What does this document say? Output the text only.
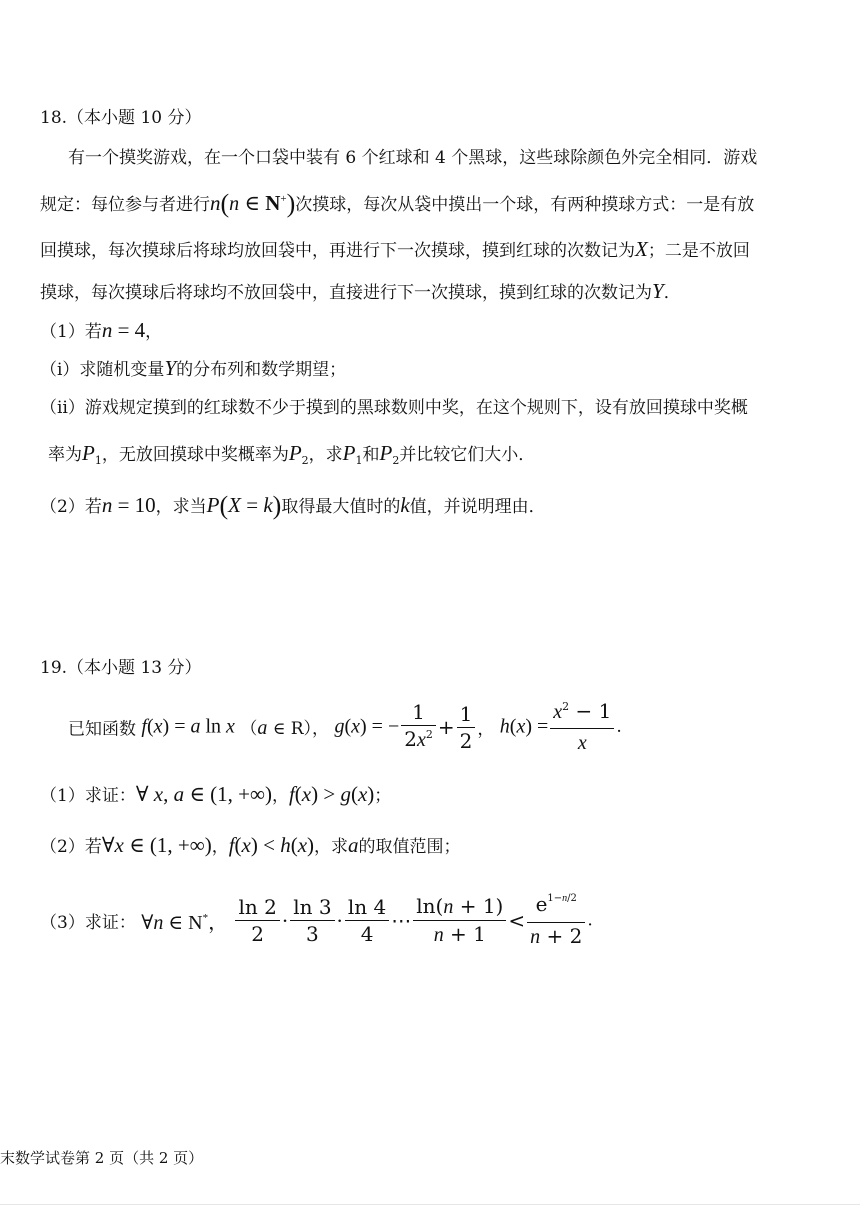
18.（本小题 10 分）
有一个摸奖游戏，在一个口袋中装有 6 个红球和 4 个黑球，这些球除颜色外完全相同．游戏
规定：每位参与者进行n(n ∈ N+)次摸球，每次从袋中摸出一个球，有两种摸球方式：一是有放
回摸球，每次摸球后将球均放回袋中，再进行下一次摸球，摸到红球的次数记为X；二是不放回
摸球，每次摸球后将球均不放回袋中，直接进行下一次摸球，摸到红球的次数记为Y．
（1）若n = 4，
（ⅰ）求随机变量Y的分布列和数学期望；
（ⅱ）游戏规定摸到的红球数不少于摸到的黑球数则中奖，在这个规则下，设有放回摸球中奖概
率为$P_1$，无放回摸球中奖概率为$P_2$，求$P_1$和$P_2$并比较它们大小．
（2）若n = 10，求当P(X = k)取得最大值时的k值，并说明理由．
19.（本小题 13 分）
已知函数 f(x) = a ln x （a ∈ R）， g(x) = − $\frac{1}{2x^2} + \frac{1}{2}$ ， $h(x) = \frac{x^2 - 1}{x}$ .
（1）求证：∀ x, a ∈ (1, +∞)，f(x) > g(x)；
（2）若∀x ∈ (1, +∞)，f(x) < h(x)，求a的取值范围；
（3）求证： ∀n ∈ N*， $\frac{\ln 2}{2} \cdot \frac{\ln 3}{3} \cdot \frac{\ln 4}{4}$ ⋯ $\frac{\ln(n + 1)}{n + 1} < \frac{e^{1-n/2}}{n + 2}$ .
末数学试卷第 2 页（共 2 页）
